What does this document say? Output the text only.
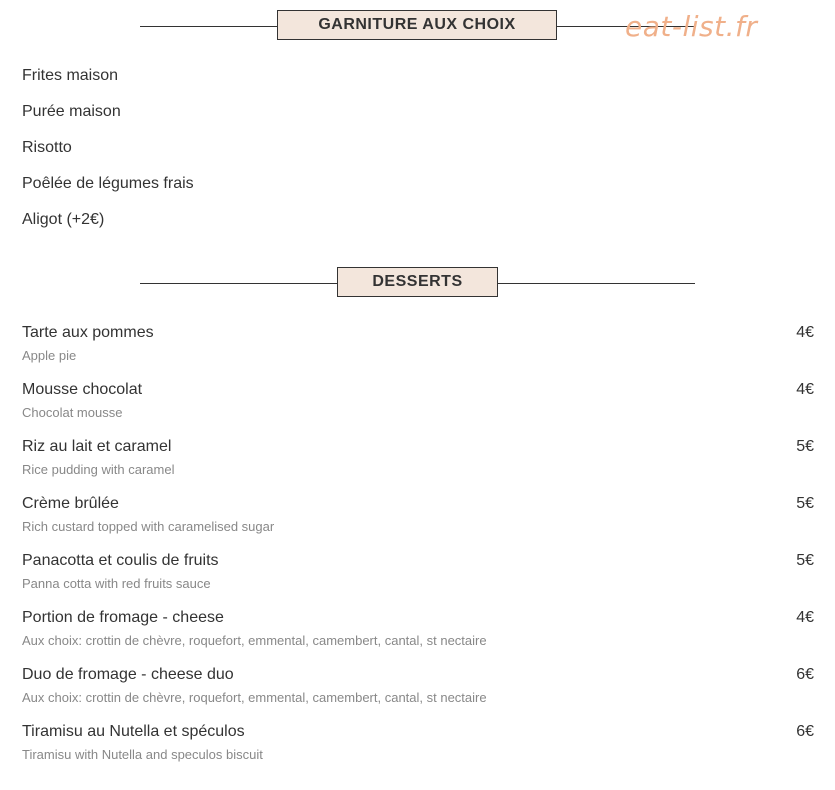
GARNITURE AUX CHOIX	eat-list.fr
Frites maison
Purée maison
Risotto
Poêlée de légumes frais
Aligot (+2€)
DESSERTS
Tarte aux pommes
Apple pie
4€
Mousse chocolat
Chocolat mousse
4€
Riz au lait et caramel
Rice pudding with caramel
5€
Crème brûlée
Rich custard topped with caramelised sugar
5€
Panacotta et coulis de fruits
Panna cotta with red fruits sauce
5€
Portion de fromage - cheese
Aux choix: crottin de chèvre, roquefort, emmental, camembert, cantal, st nectaire
4€
Duo de fromage - cheese duo
Aux choix: crottin de chèvre, roquefort, emmental, camembert, cantal, st nectaire
6€
Tiramisu au Nutella et spéculos
Tiramisu with Nutella and speculos biscuit
6€
